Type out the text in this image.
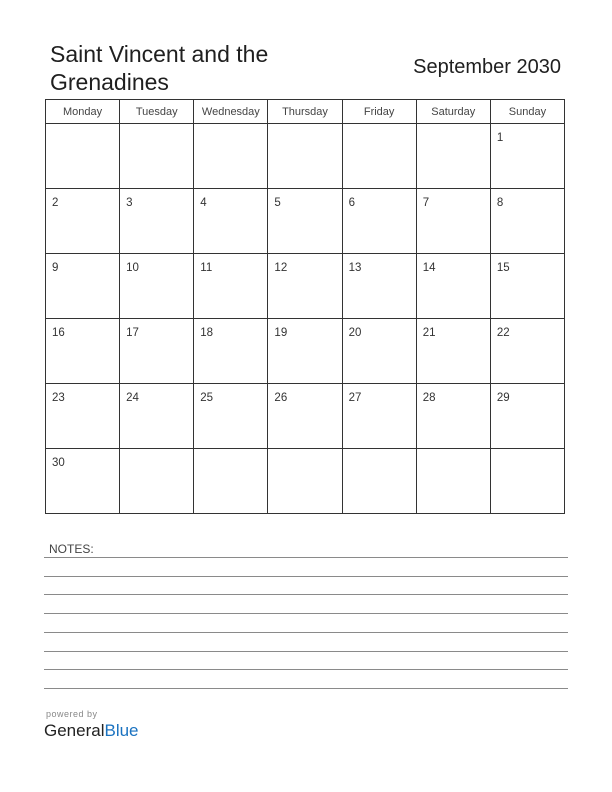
Saint Vincent and the Grenadines
September 2030
Monday	Tuesday	Wednesday	Thursday	Friday	Saturday	Sunday

						1

2	3	4	5	6	7	8

9	10	11	12	13	14	15

16	17	18	19	20	21	22

23	24	25	26	27	28	29

30						

NOTES:
powered by
GeneralBlue
